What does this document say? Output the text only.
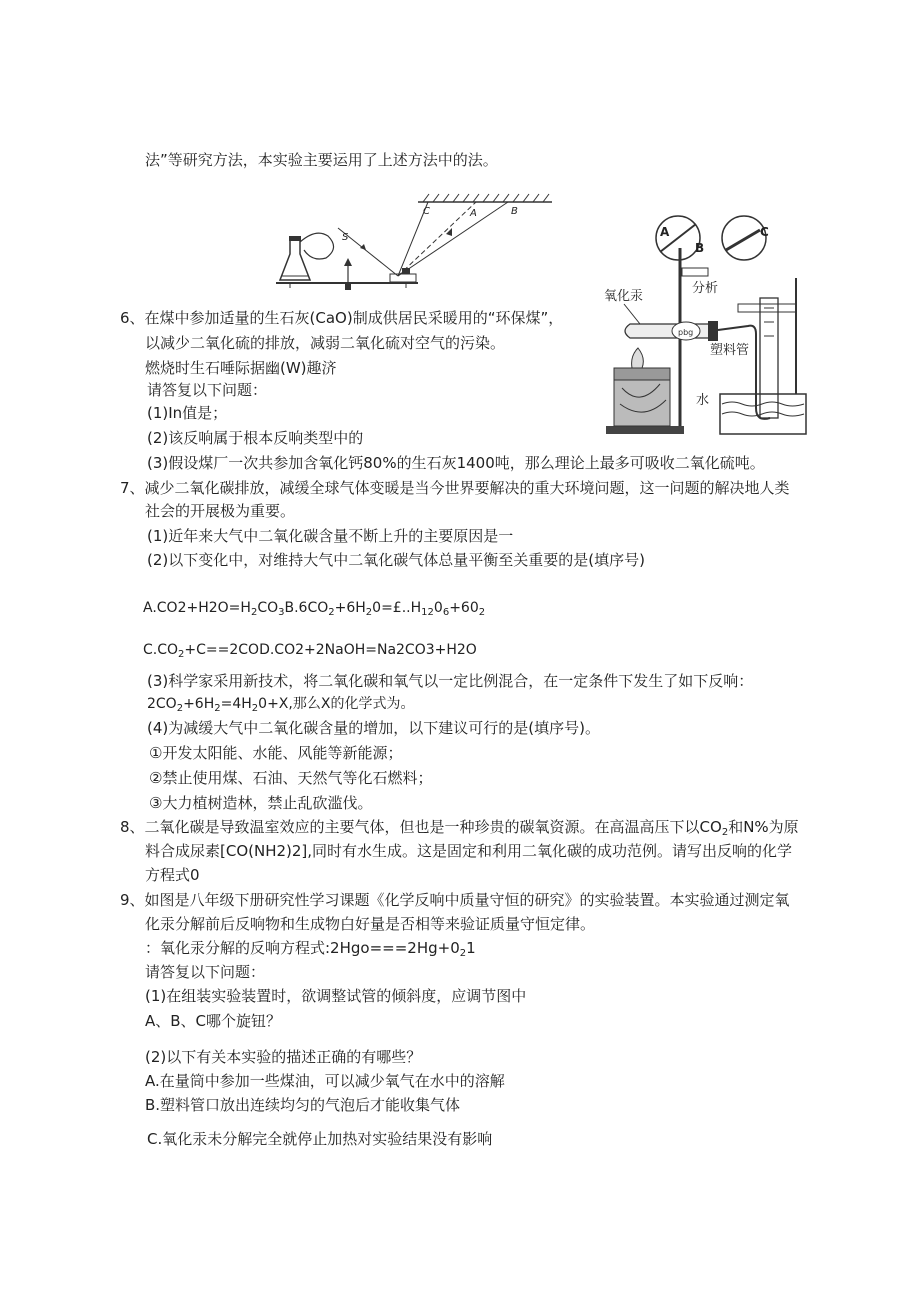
法”等研究方法，本实验主要运用了上述方法中的法。
C	A	B
S
pbg
A
B
C
氧化汞
分析
塑料管
水
6、在煤中参加适量的生石灰(CaO)制成供居民采暖用的“环保煤”，
以减少二氧化硫的排放，减弱二氧化硫对空气的污染。
燃烧时生石唾际据幽(W)趣济
请答复以下问题：
(1)In值是；
(2)该反响属于根本反响类型中的
(3)假设煤厂一次共参加含氧化钙80%的生石灰1400吨，那么理论上最多可吸收二氧化硫吨。
7、减少二氧化碳排放，减缓全球气体变暖是当今世界要解决的重大环境问题，这一问题的解决地人类
社会的开展极为重要。
(1)近年来大气中二氧化碳含量不断上升的主要原因是一
(2)以下变化中，对维持大气中二氧化碳气体总量平衡至关重要的是(填序号)
$A.CO2+H2O=H_2CO_3B.6CO_2+6H_20=£..H_{12}0_6+60_2$
$C.CO_2+C==2COD.CO2+2NaOH=Na2CO3+H2O$
(3)科学家采用新技术，将二氧化碳和氧气以一定比例混合，在一定条件下发生了如下反响：
$2CO_2+6H_2=4H_20+X$,那么X的化学式为。
(4)为减缓大气中二氧化碳含量的增加，以下建议可行的是(填序号)。
①开发太阳能、水能、风能等新能源；
②禁止使用煤、石油、天然气等化石燃料；
③大力植树造林，禁止乱砍滥伐。
8、二氧化碳是导致温室效应的主要气体，但也是一种珍贵的碳氧资源。在高温高压下以$CO_2$和N%为原
料合成尿素[CO(NH2)2],同时有水生成。这是固定和利用二氧化碳的成功范例。请写出反响的化学
方程式0
9、如图是八年级下册研究性学习课题《化学反响中质量守恒的研究》的实验装置。本实验通过测定氧
化汞分解前后反响物和生成物白好量是否相等来验证质量守恒定律。
：氧化汞分解的反响方程式$:2Hgo===2Hg+0_21$
请答复以下问题：
(1)在组装实验装置时，欲调整试管的倾斜度，应调节图中
A、B、C哪个旋钮？
(2)以下有关本实验的描述正确的有哪些？
A.在量筒中参加一些煤油，可以减少氧气在水中的溶解
B.塑料管口放出连续均匀的气泡后才能收集气体
C.氧化汞未分解完全就停止加热对实验结果没有影响
